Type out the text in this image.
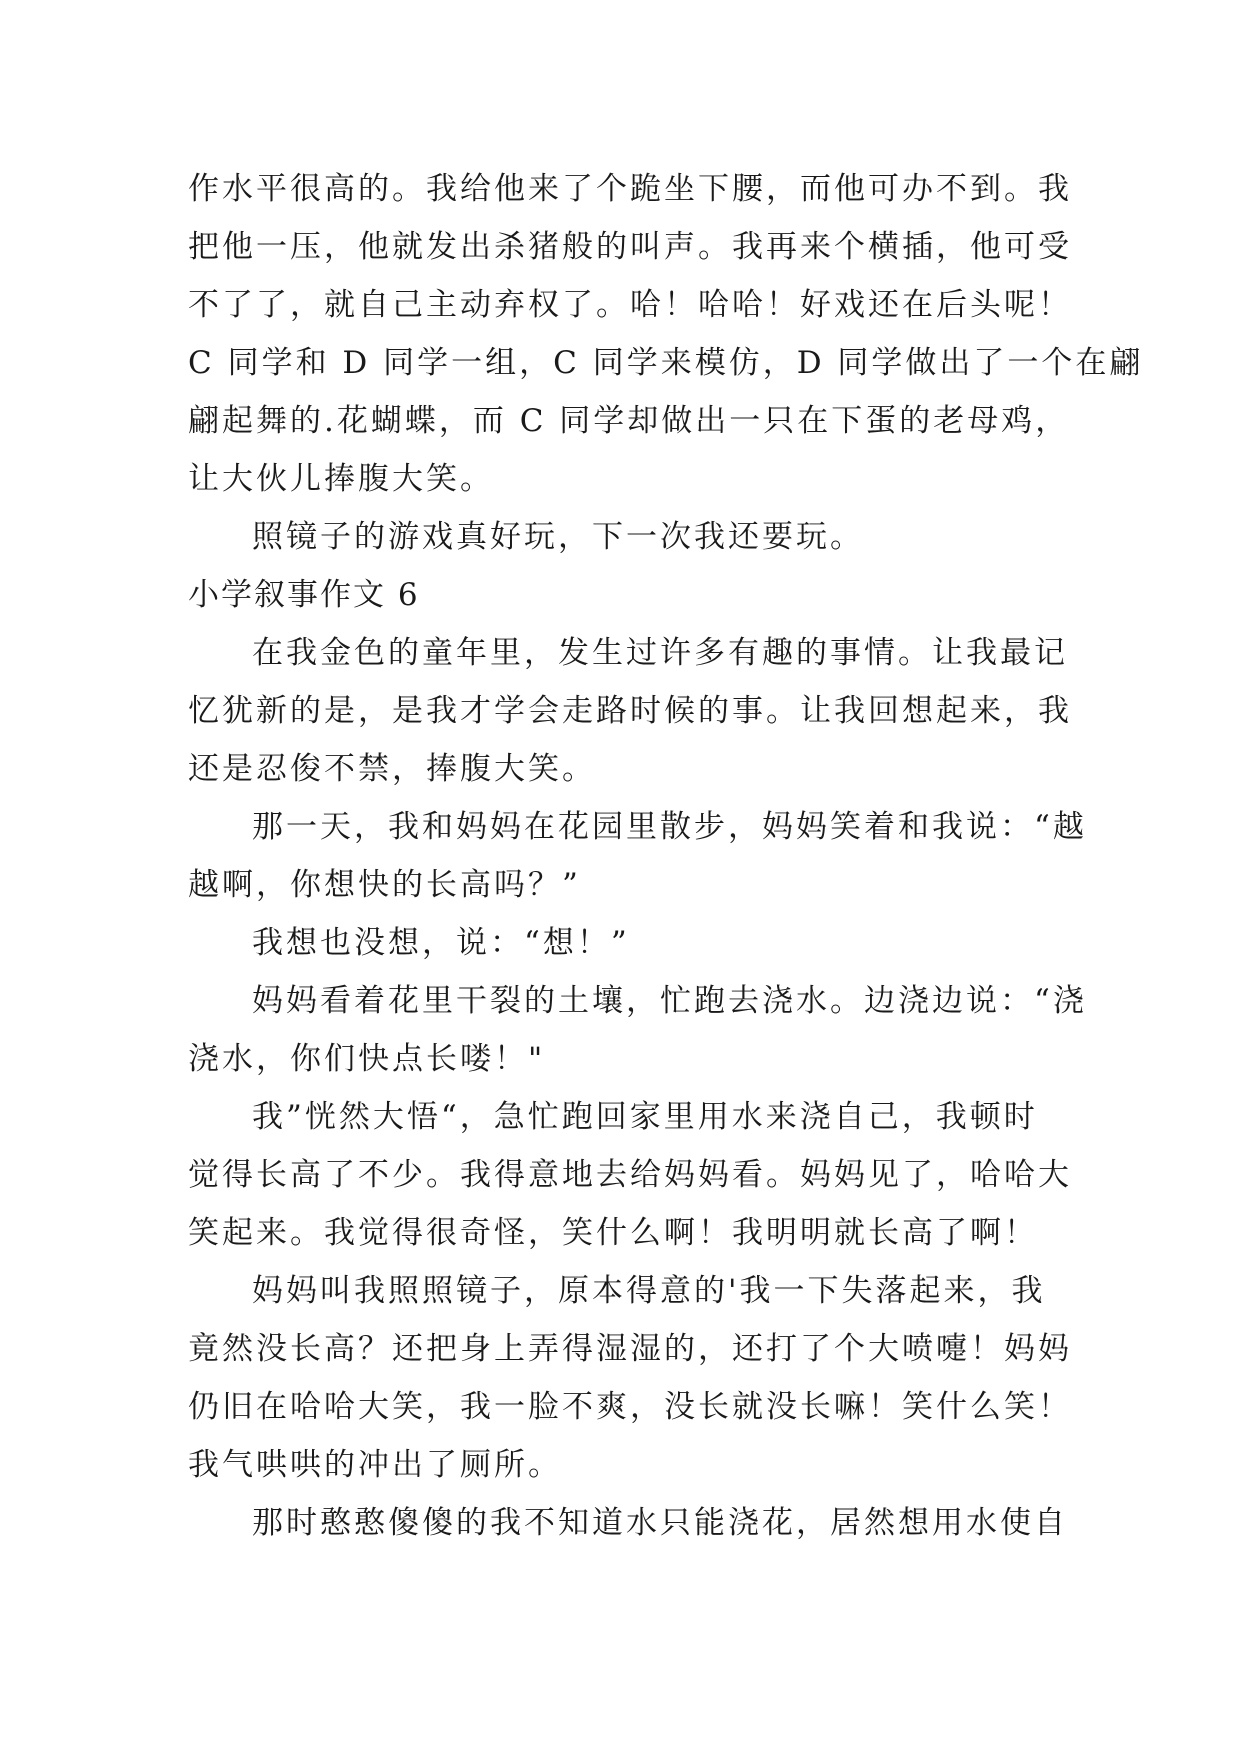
作水平很高的。我给他来了个跪坐下腰，而他可办不到。我
把他一压，他就发出杀猪般的叫声。我再来个横插，他可受
不了了，就自己主动弃权了。哈！哈哈！好戏还在后头呢！
C 同学和 D 同学一组，C 同学来模仿，D 同学做出了一个在翩
翩起舞的.花蝴蝶，而 C 同学却做出一只在下蛋的老母鸡，
让大伙儿捧腹大笑。
照镜子的游戏真好玩，下一次我还要玩。
小学叙事作文 6
在我金色的童年里，发生过许多有趣的事情。让我最记
忆犹新的是，是我才学会走路时候的事。让我回想起来，我
还是忍俊不禁，捧腹大笑。
那一天，我和妈妈在花园里散步，妈妈笑着和我说：“越
越啊，你想快的长高吗？”
我想也没想，说：“想！”
妈妈看着花里干裂的土壤，忙跑去浇水。边浇边说：“浇
浇水，你们快点长喽！"
我”恍然大悟“，急忙跑回家里用水来浇自己，我顿时
觉得长高了不少。我得意地去给妈妈看。妈妈见了，哈哈大
笑起来。我觉得很奇怪，笑什么啊！我明明就长高了啊！
妈妈叫我照照镜子，原本得意的'我一下失落起来，我
竟然没长高？还把身上弄得湿湿的，还打了个大喷嚏！妈妈
仍旧在哈哈大笑，我一脸不爽，没长就没长嘛！笑什么笑！
我气哄哄的冲出了厕所。
那时憨憨傻傻的我不知道水只能浇花，居然想用水使自
